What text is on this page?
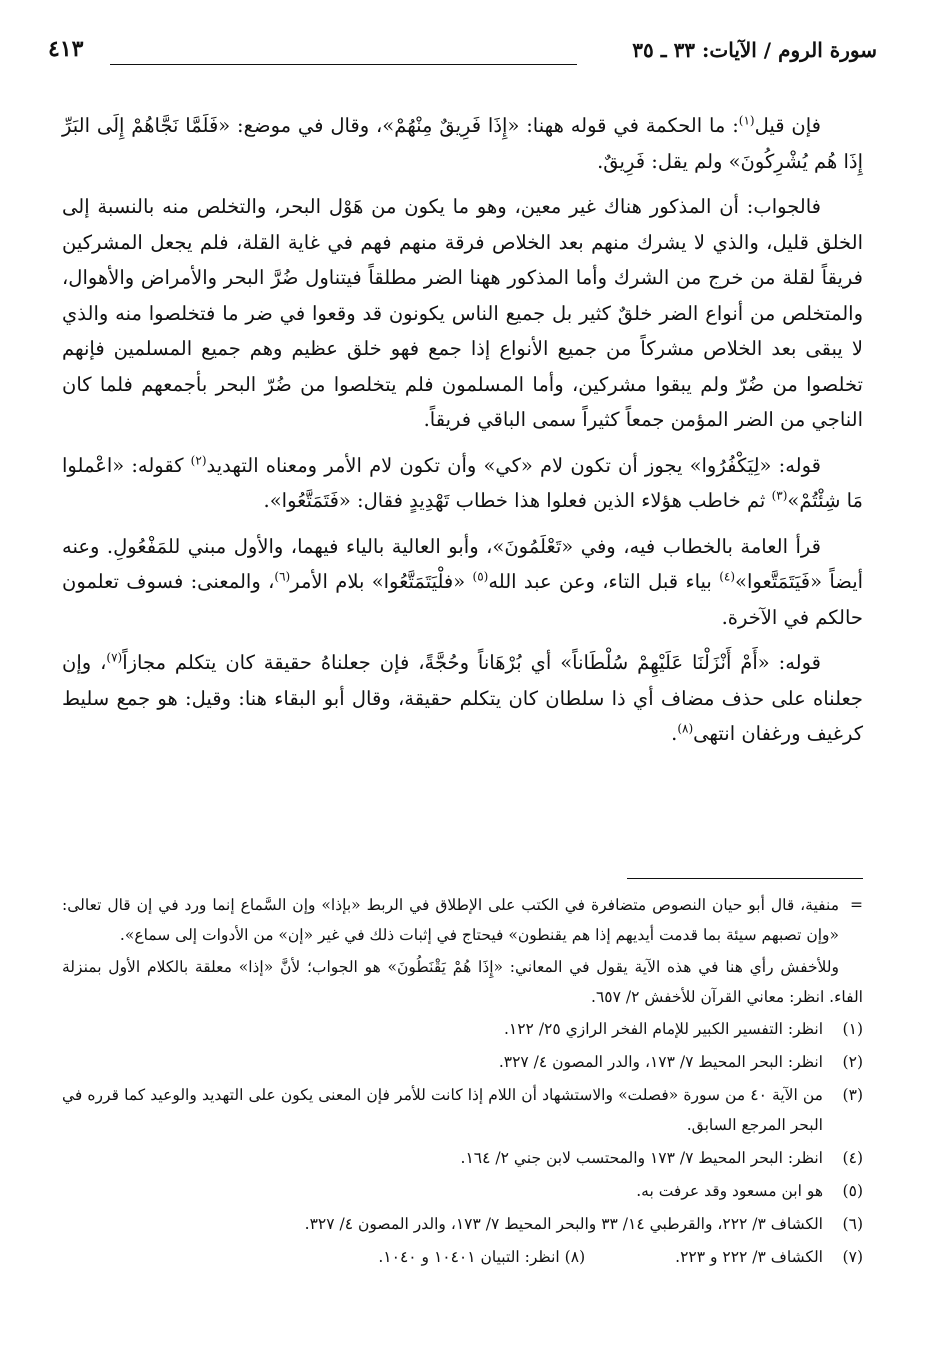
سورة الروم / الآيات: ٣٣ ـ ٣٥
٤١٣

فإن قيل$^{(١)}$: ما الحكمة في قوله ههنا: «إِذَا فَرِيقٌ مِنْهُمْ»، وقال في موضع: «فَلَمَّا نَجَّاهُمْ إِلَى البَرِّ إِذَا هُم يُشْرِكُونَ» ولم يقل: فَرِيقٌ.

فالجواب: أن المذكور هناك غير معين، وهو ما يكون من هَوْل البحر، والتخلص منه بالنسبة إلى الخلق قليل، والذي لا يشرك منهم بعد الخلاص فرقة منهم فهم في غاية القلة، فلم يجعل المشركين فريقاً لقلة من خرج من الشرك وأما المذكور ههنا الضر مطلقاً فيتناول ضُرَّ البحر والأمراض والأهوال، والمتخلص من أنواع الضر خلقٌ كثير بل جميع الناس يكونون قد وقعوا في ضر ما فتخلصوا منه والذي لا يبقى بعد الخلاص مشركاً من جميع الأنواع إذا جمع فهو خلق عظيم وهم جميع المسلمين فإنهم تخلصوا من ضُرّ ولم يبقوا مشركين، وأما المسلمون فلم يتخلصوا من ضُرّ البحر بأجمعهم فلما كان الناجي من الضر المؤمن جمعاً كثيراً سمى الباقي فريقاً.

قوله: «لِيَكْفُرُوا» يجوز أن تكون لام «كي» وأن تكون لام الأمر ومعناه التهديد$^{(٢)}$ كقوله: «اعْملوا مَا شِئْتُمْ»$^{(٣)}$ ثم خاطب هؤلاء الذين فعلوا هذا خطاب تَهْدِيدٍ فقال: «فَتَمَتَّعُوا».

قرأ العامة بالخطاب فيه، وفي «تَعْلَمُونَ»، وأبو العالية بالياء فيهما، والأول مبني للمَفْعُولِ. وعنه أيضاً «فَيَتَمَتَّعوا»$^{(٤)}$ بياء قبل التاء، وعن عبد الله$^{(٥)}$ «فلْيَتَمَتَّعُوا» بلام الأمر$^{(٦)}$، والمعنى: فسوف تعلمون حالكم في الآخرة.

قوله: «أَمْ أَنْزَلْنَا عَلَيْهِمْ سُلْطَاناً» أي بُرْهَاناً وحُجَّةً، فإن جعلناهُ حقيقة كان يتكلم مجازاً$^{(٧)}$، وإن جعلناه على حذف مضاف أي ذا سلطان كان يتكلم حقيقة، وقال أبو البقاء هنا: وقيل: هو جمع سليط كرغيف ورغفان انتهى$^{(٨)}$.

=منفية، قال أبو حيان النصوص متضافرة في الكتب على الإطلاق في الربط «بإذا» وإن السَّماع إنما ورد في إن قال تعالى: «وإن تصبهم سيئة بما قدمت أيديهم إذا هم يقنطون» فيحتاج في إثبات ذلك في غير «إن» من الأدوات إلى سماع».

وللأخفش رأي هنا في هذه الآية يقول في المعاني: «إِذَا هُمْ يَقْنَطُونَ» هو الجواب؛ لأنَّ «إذا» معلقة بالكلام الأول بمنزلة الفاء. انظر: معاني القرآن للأخفش ٢/ ٦٥٧.

(١)
انظر: التفسير الكبير للإمام الفخر الرازي ٢٥/ ١٢٢.
(٢)
انظر: البحر المحيط ٧/ ١٧٣، والدر المصون ٤/ ٣٢٧.
(٣)
من الآية ٤٠ من سورة «فصلت» والاستشهاد أن اللام إذا كانت للأمر فإن المعنى يكون على التهديد والوعيد كما قرره في البحر المرجع السابق.
(٤)
انظر: البحر المحيط ٧/ ١٧٣ والمحتسب لابن جني ٢/ ١٦٤.
(٥)
هو ابن مسعود وقد عرفت به.
(٦)
الكشاف ٣/ ٢٢٢، والقرطبي ١٤/ ٣٣ والبحر المحيط ٧/ ١٧٣، والدر المصون ٤/ ٣٢٧.
(٧)
الكشاف ٣/ ٢٢٢ و ٢٢٣.
(٨) انظر: التبيان ١٠٤٠١ و ١٠٤٠.
